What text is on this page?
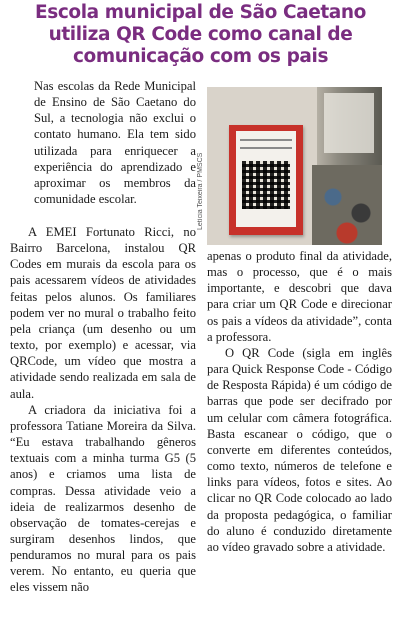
Escola municipal de São Caetano
utiliza QR Code como canal de
comunicação com os pais

Nas escolas da Rede Municipal de Ensino de São Caetano do Sul, a tecnologia não exclui o contato humano. Ela tem sido utilizada para enriquecer a experiência do aprendizado e aproximar os membros da comunidade escolar.

A EMEI Fortunato Ricci, no Bairro Barcelona, instalou QR Codes em murais da escola para os pais acessarem vídeos de atividades feitas pelos alunos. Os familiares podem ver no mural o trabalho feito pela criança (um desenho ou um texto, por exemplo) e acessar, via QRCode, um vídeo que mostra a atividade sendo realizada em sala de aula.

A criadora da iniciativa foi a professora Tatiane Moreira da Silva. “Eu estava trabalhando gêneros textuais com a minha turma G5 (5 anos) e criamos uma lista de compras. Dessa atividade veio a ideia de realizarmos desenho de observação de tomates-cerejas e surgiram desenhos lindos, que penduramos no mural para os pais verem. No entanto, eu queria que eles vissem não

Letícia Teixeira / PMSCS

apenas o produto final da atividade, mas o processo, que é o mais importante, e descobri que dava para criar um QR Code e direcionar os pais a vídeos da atividade”, conta a professora.

O QR Code (sigla em inglês para Quick Response Code - Código de Resposta Rápida) é um código de barras que pode ser decifrado por um celular com câmera fotográfica. Basta escanear o código, que o converte em diferentes conteúdos, como texto, números de telefone e links para vídeos, fotos e sites. Ao clicar no QR Code colocado ao lado da proposta pedagógica, o familiar do aluno é conduzido diretamente ao vídeo gravado sobre a atividade.
